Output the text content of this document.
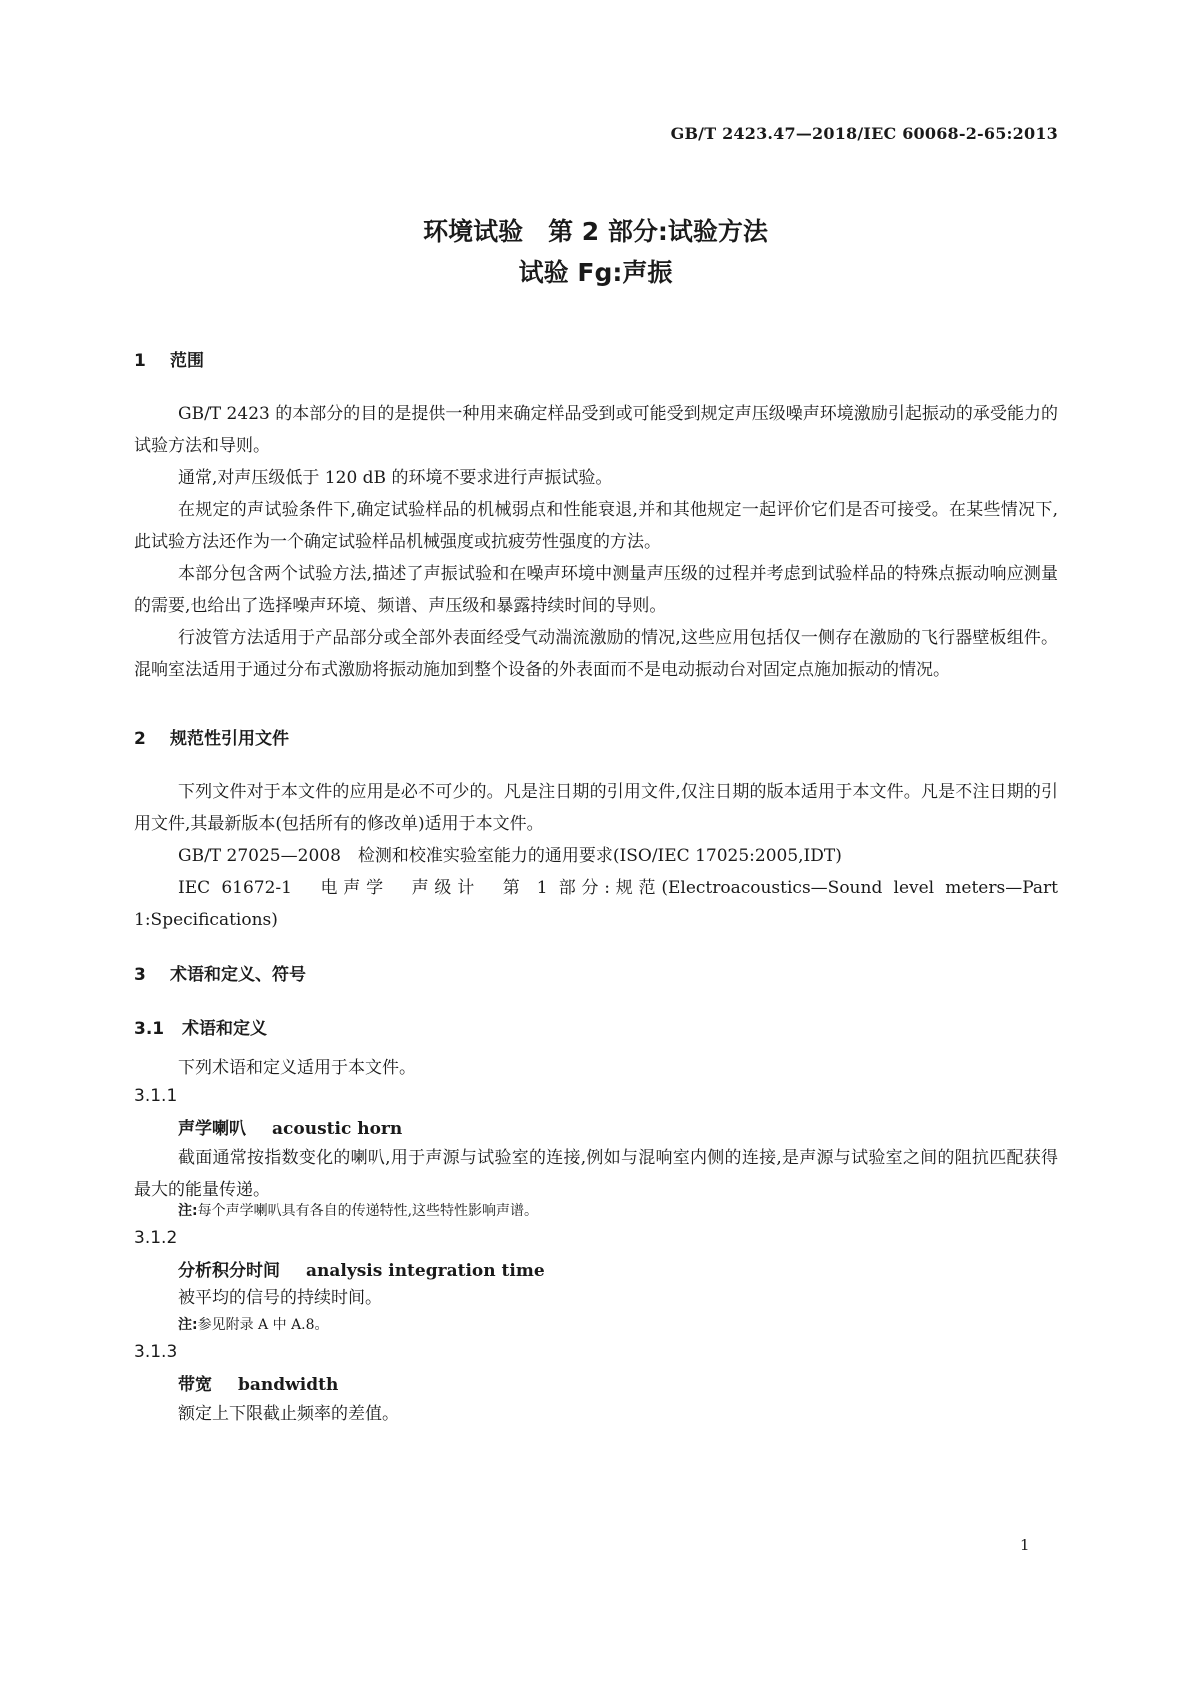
GB/T 2423.47—2018/IEC 60068-2-65:2013
环境试验　第 2 部分:试验方法
试验 Fg:声振
1 范围
GB/T 2423 的本部分的目的是提供一种用来确定样品受到或可能受到规定声压级噪声环境激励引起振动的承受能力的试验方法和导则。
通常,对声压级低于 120 dB 的环境不要求进行声振试验。
在规定的声试验条件下,确定试验样品的机械弱点和性能衰退,并和其他规定一起评价它们是否可接受。在某些情况下,此试验方法还作为一个确定试验样品机械强度或抗疲劳性强度的方法。
本部分包含两个试验方法,描述了声振试验和在噪声环境中测量声压级的过程并考虑到试验样品的特殊点振动响应测量的需要,也给出了选择噪声环境、频谱、声压级和暴露持续时间的导则。
行波管方法适用于产品部分或全部外表面经受气动湍流激励的情况,这些应用包括仅一侧存在激励的飞行器壁板组件。混响室法适用于通过分布式激励将振动施加到整个设备的外表面而不是电动振动台对固定点施加振动的情况。
2 规范性引用文件
下列文件对于本文件的应用是必不可少的。凡是注日期的引用文件,仅注日期的版本适用于本文件。凡是不注日期的引用文件,其最新版本(包括所有的修改单)适用于本文件。
GB/T 27025—2008　检测和校准实验室能力的通用要求(ISO/IEC 17025:2005,IDT)
IEC 61672-1　电声学　声级计　第 1 部分:规范(Electroacoustics—Sound level meters—Part 1:Specifications)
3 术语和定义、符号
3.1 术语和定义
下列术语和定义适用于本文件。
3.1.1
声学喇叭 acoustic horn
截面通常按指数变化的喇叭,用于声源与试验室的连接,例如与混响室内侧的连接,是声源与试验室之间的阻抗匹配获得最大的能量传递。
注:每个声学喇叭具有各自的传递特性,这些特性影响声谱。
3.1.2
分析积分时间 analysis integration time
被平均的信号的持续时间。
注:参见附录 A 中 A.8。
3.1.3
带宽 bandwidth
额定上下限截止频率的差值。
1
